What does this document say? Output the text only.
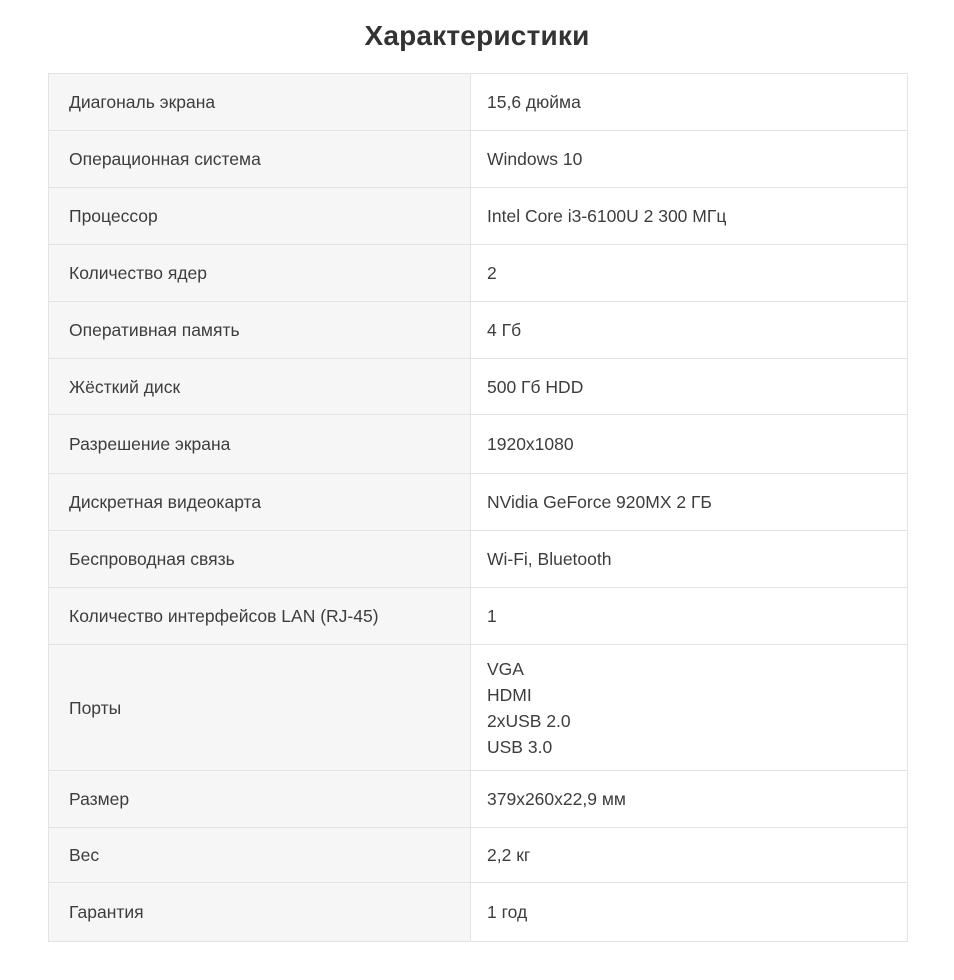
Характеристики
Диагональ экрана	15,6 дюйма
Операционная система	Windows 10
Процессор	Intel Core i3-6100U 2 300 МГц
Количество ядер	2
Оперативная память	4 Гб
Жёсткий диск	500 Гб HDD
Разрешение экрана	1920x1080
Дискретная видеокарта	NVidia GeForce 920MX 2 ГБ
Беспроводная связь	Wi-Fi, Bluetooth
Количество интерфейсов LAN (RJ-45)	1
Порты	VGA
HDMI
2xUSB 2.0
USB 3.0
Размер	379x260x22,9 мм
Вес	2,2 кг
Гарантия	1 год
